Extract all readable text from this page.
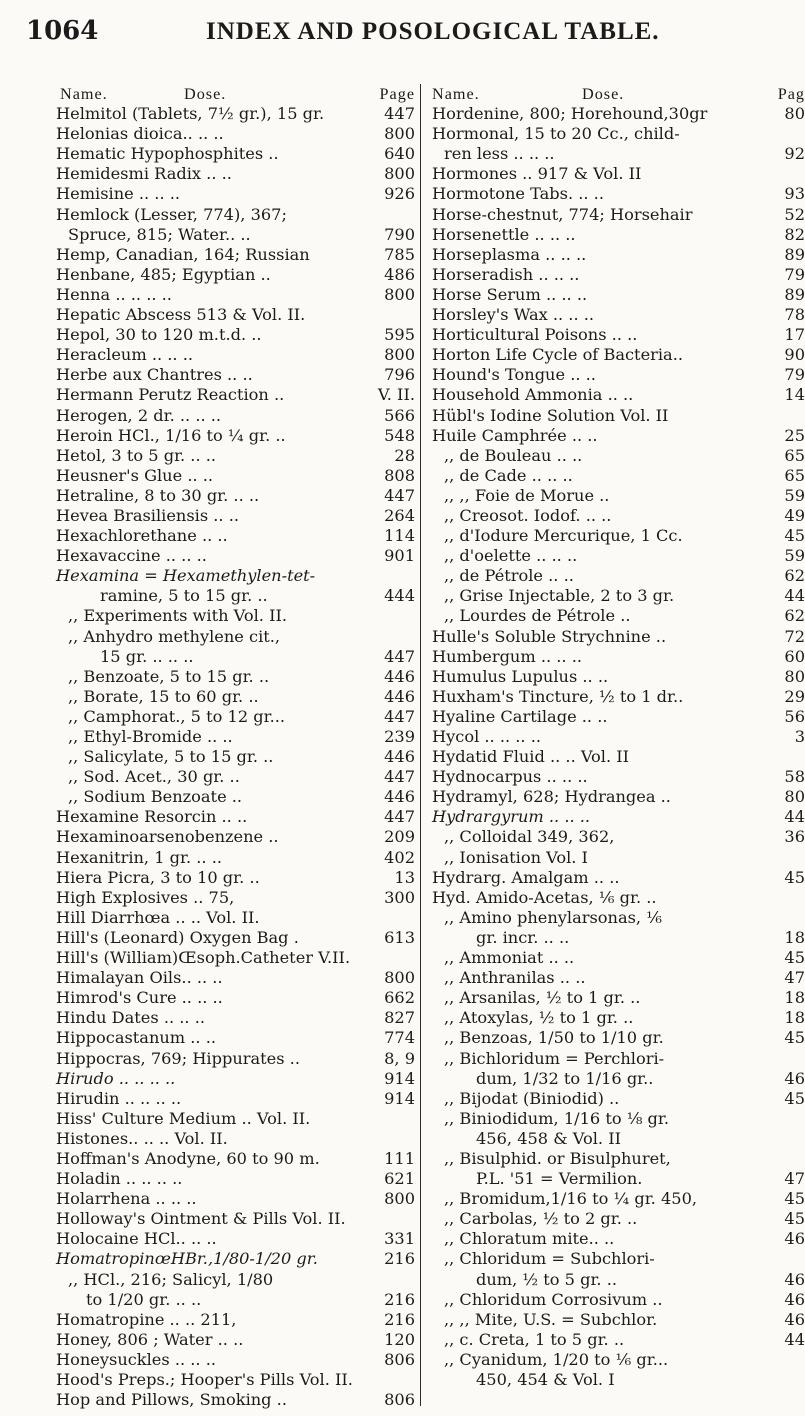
1064	INDEX AND POSOLOGICAL TABLE.
Name.	Dose.	Page
Helmitol (Tablets, 7½ gr.), 15 gr.	447
Helonias dioica.. .. ..	800
Hematic Hypophosphites ..	640
Hemidesmi Radix .. ..	800
Hemisine .. .. ..	926
Hemlock (Lesser, 774), 367;
Spruce, 815; Water.. ..	790
Hemp, Canadian, 164; Russian	785
Henbane, 485; Egyptian ..	486
Henna .. .. .. ..	800
Hepatic Abscess 513 & Vol. II.
Hepol, 30 to 120 m.t.d. ..	595
Heracleum .. .. ..	800
Herbe aux Chantres .. ..	796
Hermann Perutz Reaction ..	V. II.
Herogen, 2 dr. .. .. ..	566
Heroin HCl., 1/16 to ¼ gr. ..	548
Hetol, 3 to 5 gr. .. ..	28
Heusner's Glue .. ..	808
Hetraline, 8 to 30 gr. .. ..	447
Hevea Brasiliensis .. ..	264
Hexachlorethane .. ..	114
Hexavaccine .. .. ..	901
Hexamina = Hexamethylen-tet-
ramine, 5 to 15 gr. ..	444
,, Experiments with Vol. II.
,, Anhydro methylene cit.,
15 gr. .. .. ..	447
,, Benzoate, 5 to 15 gr. ..	446
,, Borate, 15 to 60 gr. ..	446
,, Camphorat., 5 to 12 gr...	447
,, Ethyl-Bromide .. ..	239
,, Salicylate, 5 to 15 gr. ..	446
,, Sod. Acet., 30 gr. ..	447
,, Sodium Benzoate ..	446
Hexamine Resorcin .. ..	447
Hexaminoarsenobenzene ..	209
Hexanitrin, 1 gr. .. ..	402
Hiera Picra, 3 to 10 gr. ..	13
High Explosives .. 75,	300
Hill Diarrhœa .. .. Vol. II.
Hill's (Leonard) Oxygen Bag .	613
Hill's (William)Œsoph.Catheter V.II.
Himalayan Oils.. .. ..	800
Himrod's Cure .. .. ..	662
Hindu Dates .. .. ..	827
Hippocastanum .. ..	774
Hippocras, 769; Hippurates ..	8, 9
Hirudo .. .. .. ..	914
Hirudin .. .. .. ..	914
Hiss' Culture Medium .. Vol. II.
Histones.. .. .. Vol. II.
Hoffman's Anodyne, 60 to 90 m.	111
Holadin .. .. .. ..	621
Holarrhena .. .. ..	800
Holloway's Ointment & Pills Vol. II.
Holocaine HCl.. .. ..	331
HomatropinœHBr.,1/80-1/20 gr.	216
,, HCl., 216; Salicyl, 1/80
to 1/20 gr. .. ..	216
Homatropine .. .. 211,	216
Honey, 806 ; Water .. ..	120
Honeysuckles .. .. ..	806
Hood's Preps.; Hooper's Pills Vol. II.
Hop and Pillows, Smoking ..	806
Name.	Dose.	Pag
Hordenine, 800; Horehound,30gr	80
Hormonal, 15 to 20 Cc., child-
ren less .. .. ..	92
Hormones .. 917 & Vol. II
Hormotone Tabs. .. ..	93
Horse-chestnut, 774; Horsehair	52
Horsenettle .. .. ..	82
Horseplasma .. .. ..	89
Horseradish .. .. ..	79
Horse Serum .. .. ..	89
Horsley's Wax .. .. ..	78
Horticultural Poisons .. ..	17
Horton Life Cycle of Bacteria..	90
Hound's Tongue .. ..	79
Household Ammonia .. ..	14
Hübl's Iodine Solution Vol. II
Huile Camphrée .. ..	25
,, de Bouleau .. ..	65
,, de Cade .. .. ..	65
,, ,, Foie de Morue ..	59
,, Creosot. Iodof. .. ..	49
,, d'Iodure Mercurique, 1 Cc.	45
,, d'oelette .. .. ..	59
,, de Pétrole .. ..	62
,, Grise Injectable, 2 to 3 gr.	44
,, Lourdes de Pétrole ..	62
Hulle's Soluble Strychnine ..	72
Humbergum .. .. ..	60
Humulus Lupulus .. ..	80
Huxham's Tincture, ½ to 1 dr..	29
Hyaline Cartilage .. ..	56
Hycol .. .. .. ..	3
Hydatid Fluid .. .. Vol. II
Hydnocarpus .. .. ..	58
Hydramyl, 628; Hydrangea ..	80
Hydrargyrum .. .. ..	44
,, Colloidal 349, 362,	36
,, Ionisation Vol. I
Hydrarg. Amalgam .. ..	45
Hyd. Amido-Acetas, ⅙ gr. ..
,, Amino phenylarsonas, ⅙
gr. incr. .. ..	18
,, Ammoniat .. ..	45
,, Anthranilas .. ..	47
,, Arsanilas, ½ to 1 gr. ..	18
,, Atoxylas, ½ to 1 gr. ..	18
,, Benzoas, 1/50 to 1/10 gr.	45
,, Bichloridum = Perchlori-
dum, 1/32 to 1/16 gr..	46
,, Bijodat (Biniodid) ..	45
,, Biniodidum, 1/16 to ⅛ gr.
456, 458 & Vol. II
,, Bisulphid. or Bisulphuret,
P.L. '51 = Vermilion.	47
,, Bromidum,1/16 to ¼ gr. 450,	45
,, Carbolas, ½ to 2 gr. ..	45
,, Chloratum mite.. ..	46
,, Chloridum = Subchlori-
dum, ½ to 5 gr. ..	46
,, Chloridum Corrosivum ..	46
,, ,, Mite, U.S. = Subchlor.	46
,, c. Creta, 1 to 5 gr. ..	44
,, Cyanidum, 1/20 to ⅙ gr...
450, 454 & Vol. I
